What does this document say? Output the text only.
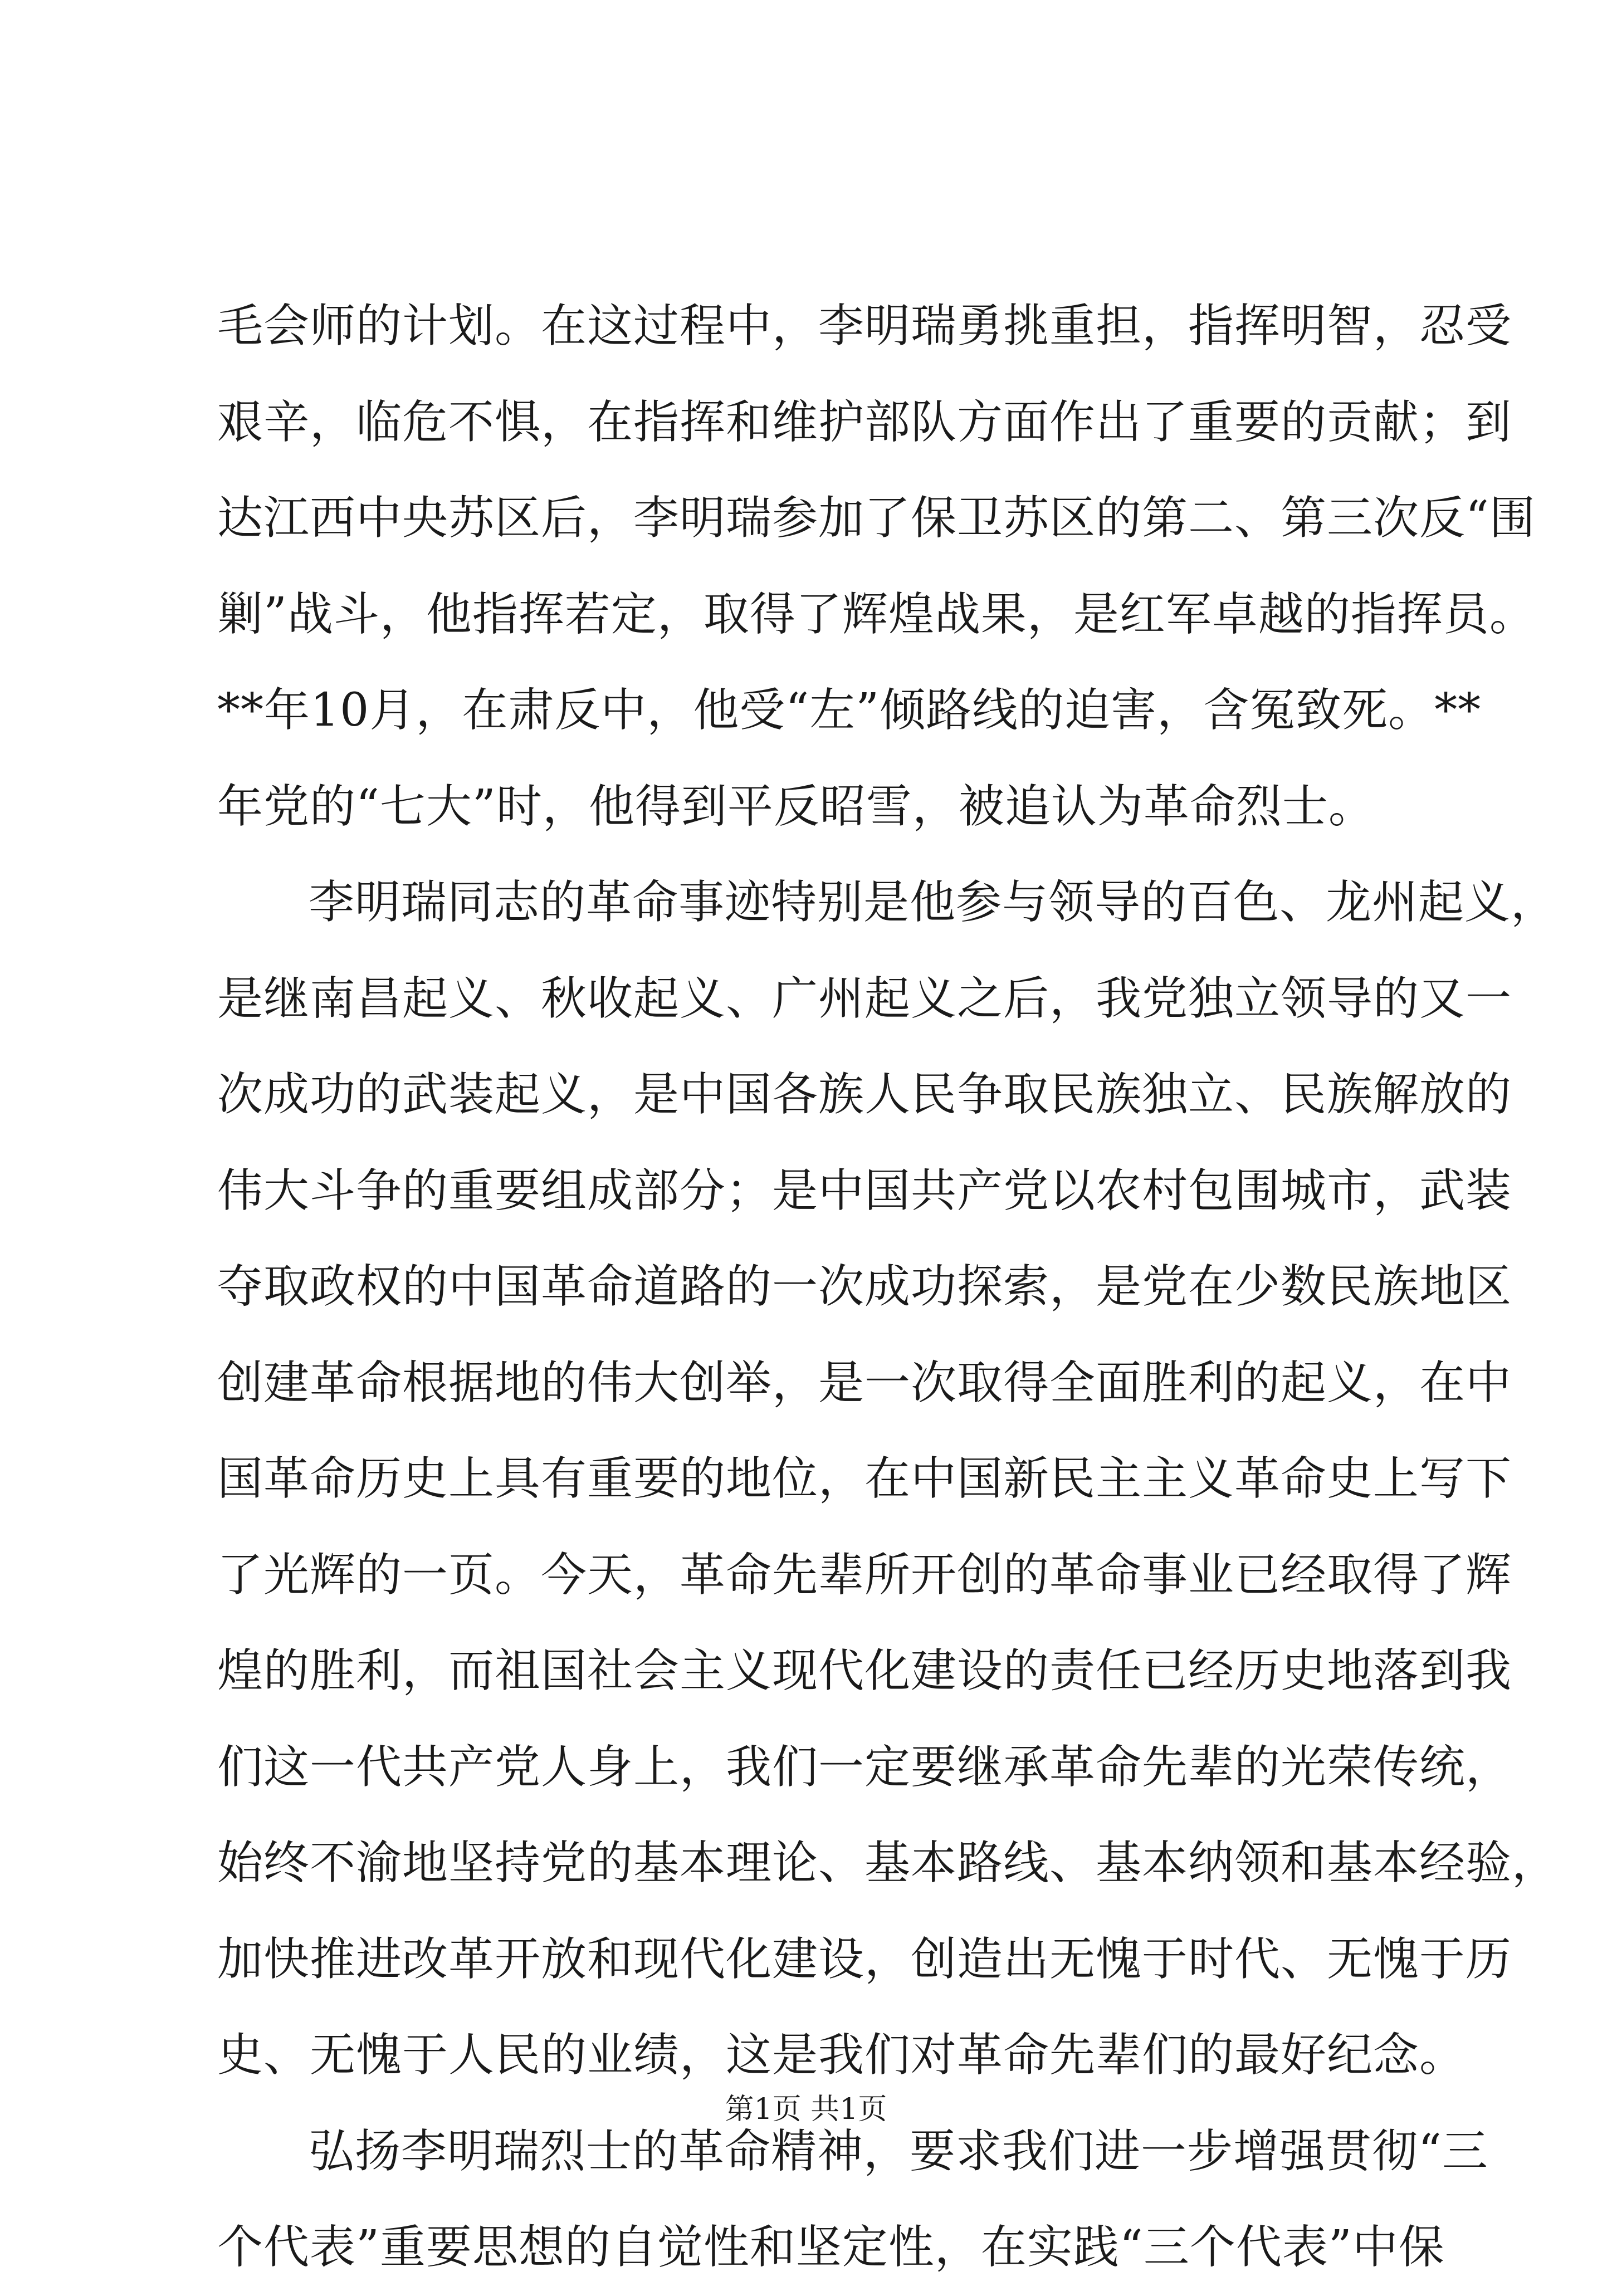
毛会师的计划。在这过程中，李明瑞勇挑重担，指挥明智，忍受
艰辛，临危不惧，在指挥和维护部队方面作出了重要的贡献；到
达江西中央苏区后，李明瑞参加了保卫苏区的第二、第三次反“围
剿”战斗，他指挥若定，取得了辉煌战果，是红军卓越的指挥员。
**年10月，在肃反中，他受“左”倾路线的迫害，含冤致死。**
年党的“七大”时，他得到平反昭雪，被追认为革命烈士。
李明瑞同志的革命事迹特别是他参与领导的百色、龙州起义，
是继南昌起义、秋收起义、广州起义之后，我党独立领导的又一
次成功的武装起义，是中国各族人民争取民族独立、民族解放的
伟大斗争的重要组成部分；是中国共产党以农村包围城市，武装
夺取政权的中国革命道路的一次成功探索，是党在少数民族地区
创建革命根据地的伟大创举，是一次取得全面胜利的起义，在中
国革命历史上具有重要的地位，在中国新民主主义革命史上写下
了光辉的一页。今天，革命先辈所开创的革命事业已经取得了辉
煌的胜利，而祖国社会主义现代化建设的责任已经历史地落到我
们这一代共产党人身上，我们一定要继承革命先辈的光荣传统，
始终不渝地坚持党的基本理论、基本路线、基本纳领和基本经验，
加快推进改革开放和现代化建设，创造出无愧于时代、无愧于历
史、无愧于人民的业绩，这是我们对革命先辈们的最好纪念。
弘扬李明瑞烈士的革命精神，要求我们进一步增强贯彻“三
个代表”重要思想的自觉性和坚定性，在实践“三个代表”中保
第1页 共1页
